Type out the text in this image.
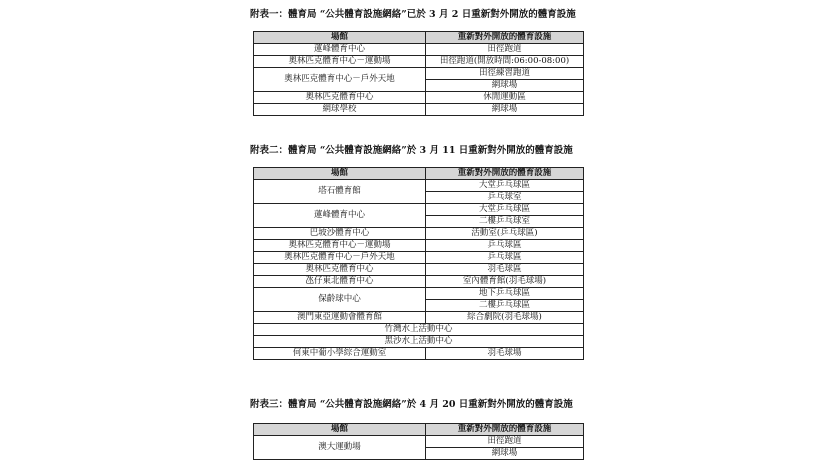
附表一：體育局 “公共體育設施網絡”已於 3 月 2 日重新對外開放的體育設施
場館	重新對外開放的體育設施
蓮峰體育中心	田徑跑道
奧林匹克體育中心－運動場	田徑跑道(開放時間:06:00-08:00)
奧林匹克體育中心－戶外天地	田徑練習跑道
	網球場
奧林匹克體育中心	休閒運動區
網球學校	網球場
附表二：體育局 “公共體育設施網絡”於 3 月 11 日重新對外開放的體育設施
場館	重新對外開放的體育設施
塔石體育館	大堂乒乓球區
	乒乓球室
蓮峰體育中心	大堂乒乓球區
	二樓乒乓球室
巴坡沙體育中心	活動室(乒乓球區)
奧林匹克體育中心－運動場	乒乓球區
奧林匹克體育中心－戶外天地	乒乓球區
奧林匹克體育中心	羽毛球區
氹仔東北體育中心	室內體育館(羽毛球場)
保齡球中心	地下乒乓球區
	二樓乒乓球區
澳門東亞運動會體育館	綜合劇院(羽毛球場)
竹灣水上活動中心	
黑沙水上活動中心	
何東中葡小學綜合運動室	羽毛球場
附表三：體育局 “公共體育設施網絡”於 4 月 20 日重新對外開放的體育設施
場館	重新對外開放的體育設施
澳大運動場	田徑跑道
	網球場
